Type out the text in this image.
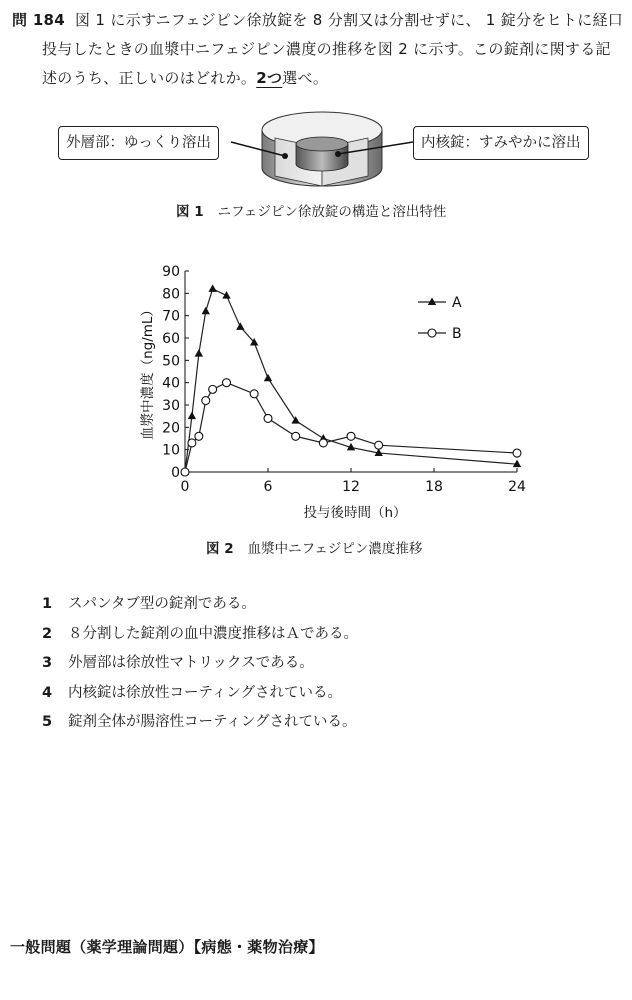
問 184 図 1 に示すニフェジピン徐放錠を 8 分割又は分割せずに、 1 錠分をヒトに経口
投与したときの血漿中ニフェジピン濃度の推移を図 2 に示す。この錠剤に関する記
述のうち、正しいのはどれか。2つ選べ。
外層部：ゆっくり溶出	内核錠：すみやかに溶出
図 1 ニフェジピン徐放錠の構造と溶出特性
0
10
20
30
40
50
60
70
80
90
0	6	12	18	24
投与後時間（h）
血漿中濃度（ng/mL）
A
B
図 2 血漿中ニフェジピン濃度推移
1 スパンタブ型の錠剤である。
2 ８分割した錠剤の血中濃度推移はＡである。
3 外層部は徐放性マトリックスである。
4 内核錠は徐放性コーティングされている。
5 錠剤全体が腸溶性コーティングされている。
一般問題（薬学理論問題）【病態・薬物治療】
